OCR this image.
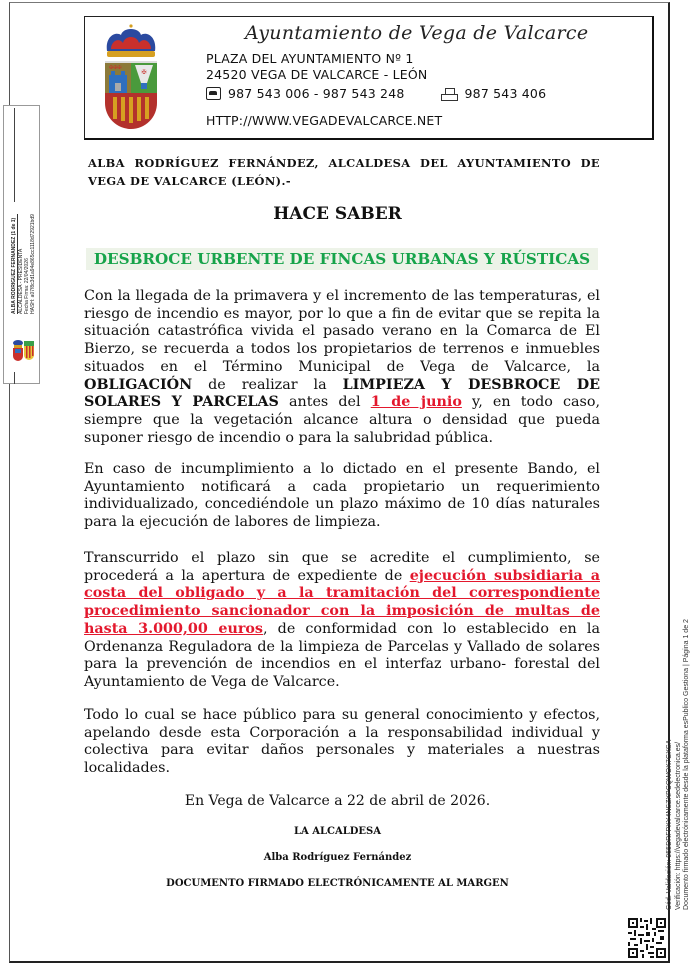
ALBA RODRIGUEZ FERNANDEZ (1 de 1) ALCALDESA - PRESIDENTA Fecha Firma: 22/04/2026 HASH: a07f8c3d1a94e865cc1118d72921bd9
✠
✠✠✠
Ayuntamiento de Vega de Valcarce
PLAZA DEL AYUNTAMIENTO Nº 1
24520 VEGA DE VALCARCE - LEÓN
987 543 006 - 987 543 248	987 543 406
HTTP://WWW.VEGADEVALCARCE.NET
ALBA RODRÍGUEZ FERNÁNDEZ, ALCALDESA DEL AYUNTAMIENTO DE VEGA DE VALCARCE (LEÓN).-
HACE SABER
DESBROCE URBENTE DE FINCAS URBANAS Y RÚSTICAS
Con la llegada de la primavera y el incremento de las temperaturas, el riesgo de incendio es mayor, por lo que a fin de evitar que se repita la situación catastrófica vivida el pasado verano en la Comarca de El Bierzo, se recuerda a todos los propietarios de terrenos e inmuebles situados en el Término Municipal de Vega de Valcarce, la OBLIGACIÓN de realizar la LIMPIEZA Y DESBROCE DE SOLARES Y PARCELAS antes del 1 de junio y, en todo caso, siempre que la vegetación alcance altura o densidad que pueda suponer riesgo de incendio o para la salubridad pública.
En caso de incumplimiento a lo dictado en el presente Bando, el Ayuntamiento notificará a cada propietario un requerimiento individualizado, concediéndole un plazo máximo de 10 días naturales para la ejecución de labores de limpieza.
Transcurrido el plazo sin que se acredite el cumplimiento, se procederá a la apertura de expediente de ejecución subsidiaria a costa del obligado y a la tramitación del correspondiente procedimiento sancionador con la imposición de multas de hasta 3.000,00 euros, de conformidad con lo establecido en la Ordenanza Reguladora de la limpieza de Parcelas y Vallado de solares para la prevención de incendios en el interfaz urbano- forestal del Ayuntamiento de Vega de Valcarce.
Todo lo cual se hace público para su general conocimiento y efectos, apelando desde esta Corporación a la responsabilidad individual y colectiva para evitar daños personales y materiales a nuestras localidades.
En Vega de Valcarce a 22 de abril de 2026.
LA ALCALDESA
Alba Rodríguez Fernández
DOCUMENTO FIRMADO ELECTRÓNICAMENTE AL MARGEN	Cód. Validación: 955DRFPXY4NSZXPCQWOK7GXSA Verificación: https://vegadevalcarce.sedelectronica.es/ Documento firmado electrónicamente desde la plataforma esPublico Gestiona | Página 1 de 2
